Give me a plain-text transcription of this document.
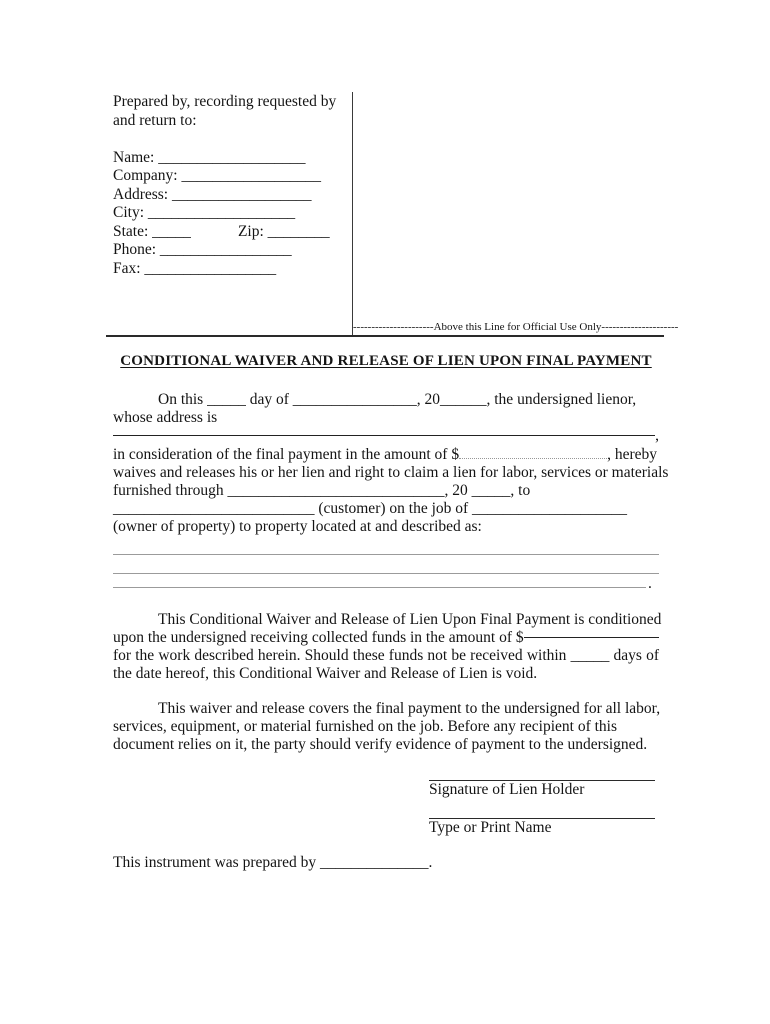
Prepared by, recording requested by
and return to:
Name: ___________________
Company: __________________
Address: __________________
City: ___________________
State: _____	Zip: ________
Phone: _________________
Fax: _________________
----------------------Above this Line for Official Use Only---------------------
CONDITIONAL WAIVER AND RELEASE OF LIEN UPON FINAL PAYMENT
On this _____ day of ________________, 20______, the undersigned lienor,
whose address is
,
in consideration of the final payment in the amount of $	, hereby
waives and releases his or her lien and right to claim a lien for labor, services or materials
furnished through ____________________________, 20 _____, to
__________________________ (customer) on the job of ____________________
(owner of property) to property located at and described as:
.
This Conditional Waiver and Release of Lien Upon Final Payment is conditioned
upon the undersigned receiving collected funds in the amount of $
for the work described herein. Should these funds not be received within _____ days of
the date hereof, this Conditional Waiver and Release of Lien is void.
This waiver and release covers the final payment to the undersigned for all labor,
services, equipment, or material furnished on the job. Before any recipient of this
document relies on it, the party should verify evidence of payment to the undersigned.
Signature of Lien Holder
Type or Print Name
This instrument was prepared by ______________.
